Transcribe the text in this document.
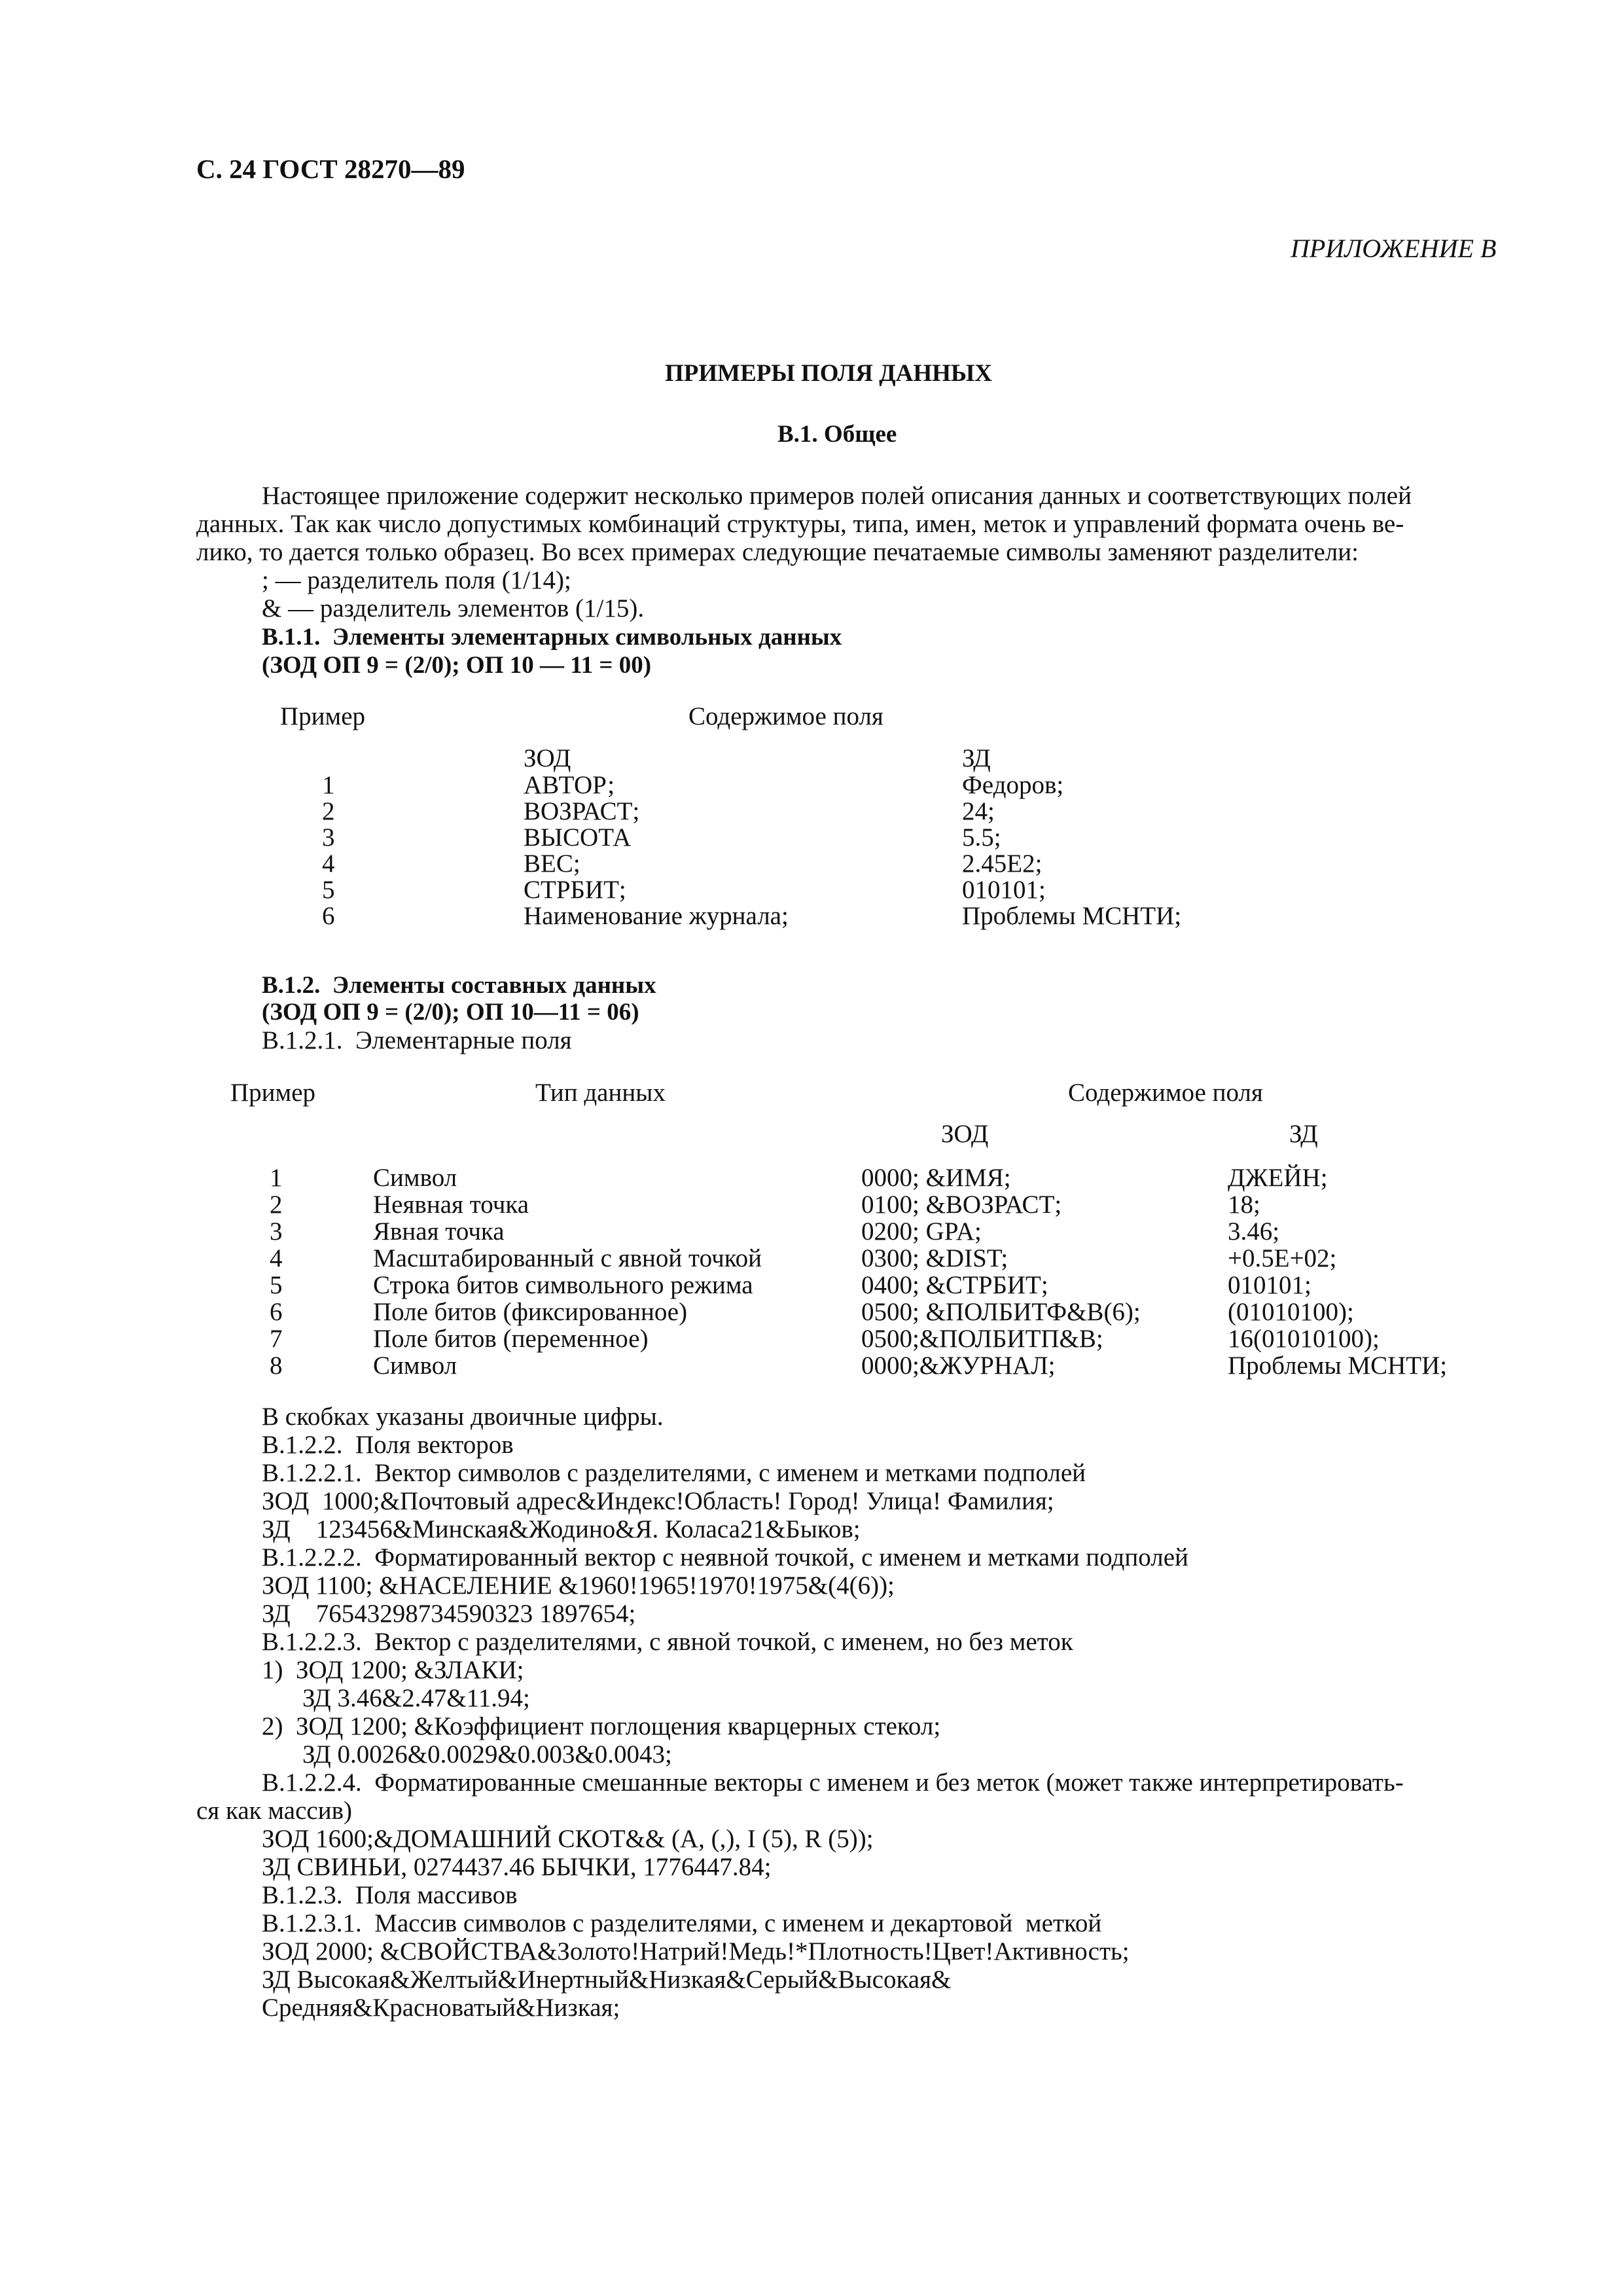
С. 24 ГОСТ 28270—89
ПРИЛОЖЕНИЕ В
ПРИМЕРЫ ПОЛЯ ДАННЫХ
В.1. Общее
Настоящее приложение содержит несколько примеров полей описания данных и соответствующих полей
данных. Так как число допустимых комбинаций структуры, типа, имен, меток и управлений формата очень ве-
лико, то дается только образец. Во всех примерах следующие печатаемые символы заменяют разделители:
; — разделитель поля (1/14);
& — разделитель элементов (1/15).
В.1.1.  Элементы элементарных символьных данных
(ЗОД ОП 9 = (2/0); ОП 10 — 11 = 00)
Пример	Содержимое поля
ЗОД	ЗД
1	АВТОР;	Федоров;
2	ВОЗРАСТ;	24;
3	ВЫСОТА	5.5;
4	ВЕС;	2.45Е2;
5	СТРБИТ;	010101;
6	Наименование журнала;	Проблемы МСНТИ;
В.1.2.  Элементы составных данных
(ЗОД ОП 9 = (2/0); ОП 10—11 = 06)
В.1.2.1.  Элементарные поля
Пример	Тип данных	Содержимое поля
ЗОД	ЗД
1	Символ	0000; &ИМЯ;	ДЖЕЙН;
2	Неявная точка	0100; &ВОЗРАСТ;	18;
3	Явная точка	0200; GPA;	3.46;
4	Масштабированный с явной точкой	0300; &DIST;	+0.5Е+02;
5	Строка битов символьного режима	0400; &СТРБИТ;	010101;
6	Поле битов (фиксированное)	0500; &ПОЛБИТФ&В(6);	(01010100);
7	Поле битов (переменное)	0500;&ПОЛБИТП&В;	16(01010100);
8	Символ	0000;&ЖУРНАЛ;	Проблемы МСНТИ;
В скобках указаны двоичные цифры.
В.1.2.2.  Поля векторов
В.1.2.2.1.  Вектор символов с разделителями, с именем и метками подполей
ЗОД  1000;&Почтовый адрес&Индекс!Область! Город! Улица! Фамилия;
ЗД    123456&Минская&Жодино&Я. Коласа21&Быков;
В.1.2.2.2.  Форматированный вектор с неявной точкой, с именем и метками подполей
ЗОД 1100; &НАСЕЛЕНИЕ &1960!1965!1970!1975&(4(6));
ЗД    76543298734590323 1897654;
В.1.2.2.3.  Вектор с разделителями, с явной точкой, с именем, но без меток
1)  ЗОД 1200; &ЗЛАКИ;
ЗД 3.46&2.47&11.94;
2)  ЗОД 1200; &Коэффициент поглощения кварцерных стекол;
ЗД 0.0026&0.0029&0.003&0.0043;
В.1.2.2.4.  Форматированные смешанные векторы с именем и без меток (может также интерпретировать-
ся как массив)
ЗОД 1600;&ДОМАШНИЙ СКОТ&& (А, (,), I (5), R (5));
ЗД СВИНЬИ, 0274437.46 БЫЧКИ, 1776447.84;
В.1.2.3.  Поля массивов
В.1.2.3.1.  Массив символов с разделителями, с именем и декартовой  меткой
ЗОД 2000; &СВОЙСТВА&Золото!Натрий!Медь!*Плотность!Цвет!Активность;
ЗД Высокая&Желтый&Инертный&Низкая&Серый&Высокая&
Средняя&Красноватый&Низкая;
